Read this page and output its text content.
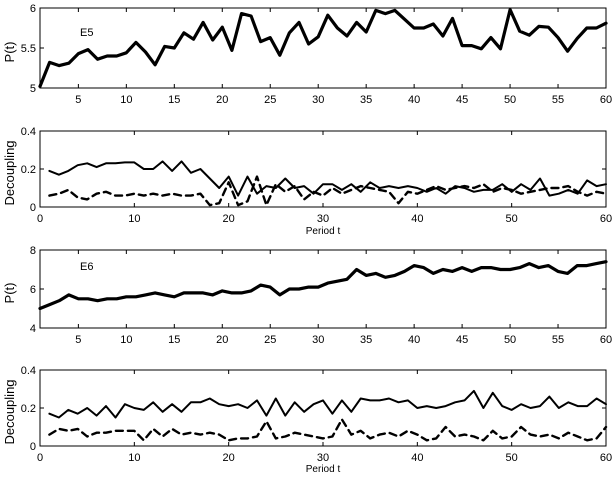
5	10	15	20	25	30	35	40	45	50	55	60
5
5.5
6
P(t)
E5
0	10	20	30	40	50	60
0
0.2
0.4
Decoupling
Period t
5	10	15	20	25	30	35	40	45	50	55	60
4
6
8
P(t)
E6
0	10	20	30	40	50	60
0
0.2
0.4
Decoupling
Period t
